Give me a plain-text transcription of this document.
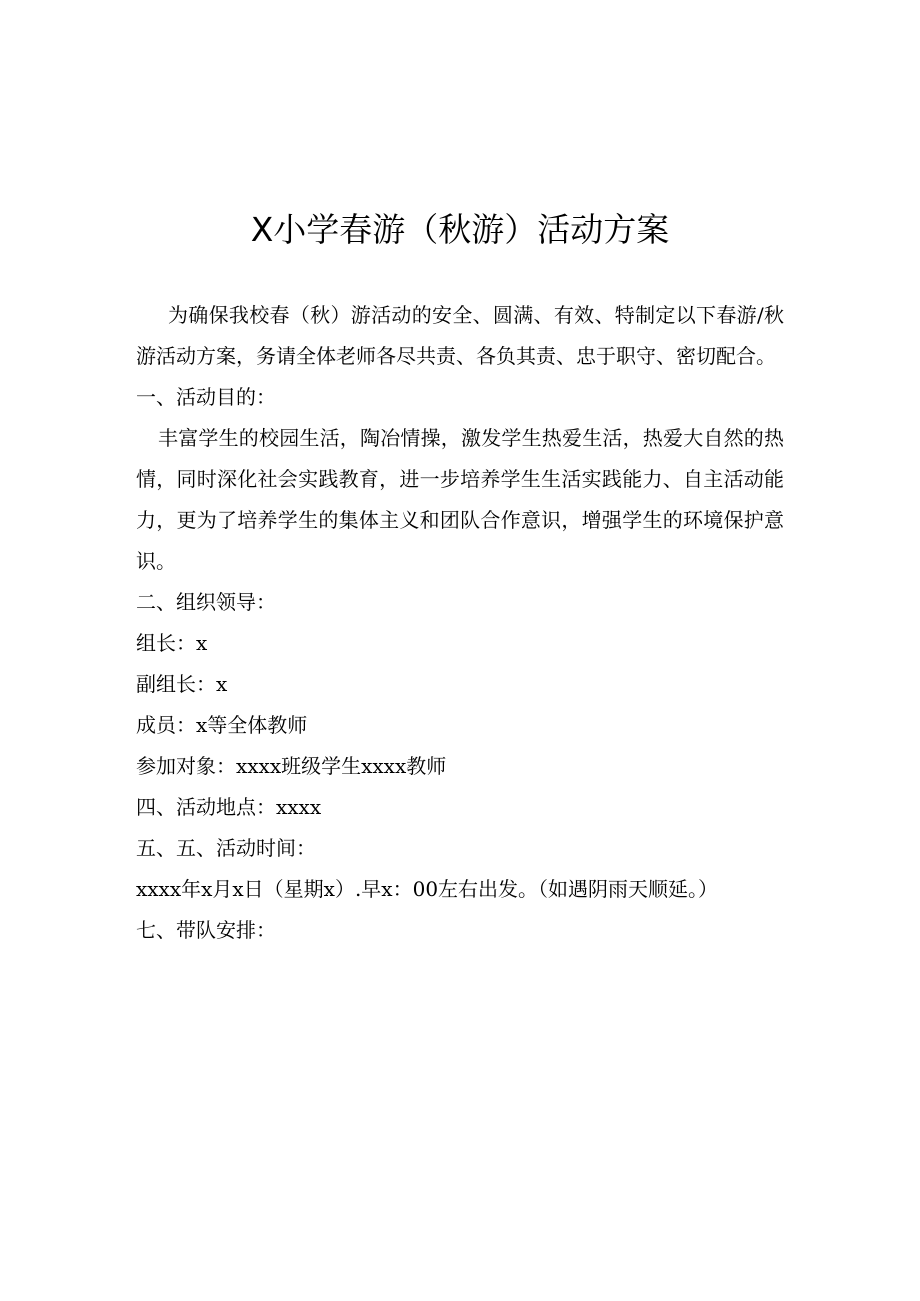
X小学春游（秋游）活动方案

为确保我校春（秋）游活动的安全、圆满、有效、特制定以下春游/秋游活动方案，务请全体老师各尽共责、各负其责、忠于职守、密切配合。

一、活动目的：

丰富学生的校园生活，陶冶情操，激发学生热爱生活，热爱大自然的热情，同时深化社会实践教育，进一步培养学生生活实践能力、自主活动能力，更为了培养学生的集体主义和团队合作意识，增强学生的环境保护意识。

二、组织领导：

组长：x

副组长：x

成员：x等全体教师

参加对象：xxxx班级学生xxxx教师

四、活动地点：xxxx

五、五、活动时间：

xxxx年x月x日（星期x）.早x：00左右出发。（如遇阴雨天顺延。）

七、带队安排：
